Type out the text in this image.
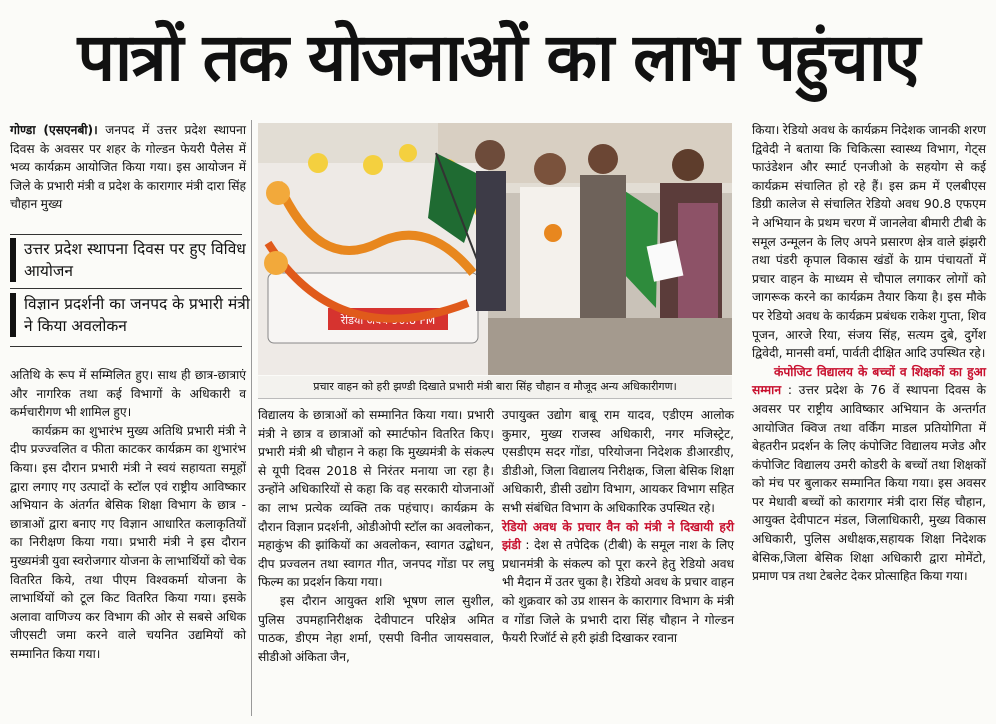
पात्रों तक योजनाओं का लाभ पहुंचाए

गोण्डा (एसएनबी)। जनपद में उत्तर प्रदेश स्थापना दिवस के अवसर पर शहर के गोल्डन फेयरी पैलेस में भव्य कार्यक्रम आयोजित किया गया। इस आयोजन में जिले के प्रभारी मंत्री व प्रदेश के कारागार मंत्री दारा सिंह चौहान मुख्य

उत्तर प्रदेश स्थापना दिवस पर हुए विविध आयोजन
विज्ञान प्रदर्शनी का जनपद के प्रभारी मंत्री ने किया अवलोकन

अतिथि के रूप में सम्मिलित हुए। साथ ही छात्र-छात्राएं और नागरिक तथा कई विभागों के अधिकारी व कर्मचारीगण भी शामिल हुए।

कार्यक्रम का शुभारंभ मुख्य अतिथि प्रभारी मंत्री ने दीप प्रज्ज्वलित व फीता काटकर कार्यक्रम का शुभारंभ किया। इस दौरान प्रभारी मंत्री ने स्वयं सहायता समूहों द्वारा लगाए गए उत्पादों के स्टॉल एवं राष्ट्रीय आविष्कार अभियान के अंतर्गत बेसिक शिक्षा विभाग के छात्र - छात्राओं द्वारा बनाए गए विज्ञान आधारित कलाकृतियों का निरीक्षण किया गया। प्रभारी मंत्री ने इस दौरान मुख्यमंत्री युवा स्वरोजगार योजना के लाभार्थियों को चेक वितरित किये, तथा पीएम विश्वकर्मा योजना के लाभार्थियों को टूल किट वितरित किया गया। इसके अलावा वाणिज्य कर विभाग की ओर से सबसे अधिक जीएसटी जमा करने वाले चयनित उद्यमियों को सम्मानित किया गया।

रेडियो अवध 90.8 FM
प्रचार वाहन को हरी झण्डी दिखाते प्रभारी मंत्री बारा सिंह चौहान व मौजूद अन्य अधिकारीगण।

विद्यालय के छात्राओं को सम्मानित किया गया। प्रभारी मंत्री ने छात्र व छात्राओं को स्मार्टफोन वितरित किए। प्रभारी मंत्री श्री चौहान ने कहा कि मुख्यमंत्री के संकल्प से यूपी दिवस 2018 से निरंतर मनाया जा रहा है। उन्होंने अधिकारियों से कहा कि वह सरकारी योजनाओं का लाभ प्रत्येक व्यक्ति तक पहंचाए। कार्यक्रम के दौरान विज्ञान प्रदर्शनी, ओडीओपी स्टॉल का अवलोकन, महाकुंभ की झांकियों का अवलोकन, स्वागत उद्बोधन, दीप प्रज्वलन तथा स्वागत गीत, जनपद गोंडा पर लघु फिल्म का प्रदर्शन किया गया।

इस दौरान आयुक्त शशि भूषण लाल सुशील, पुलिस उपमहानिरीक्षक देवीपाटन परिक्षेत्र अमित पाठक, डीएम नेहा शर्मा, एसपी विनीत जायसवाल, सीडीओ अंकिता जैन,

उपायुक्त उद्योग बाबू राम यादव, एडीएम आलोक कुमार, मुख्य राजस्व अधिकारी, नगर मजिस्ट्रेट, एसडीएम सदर गोंडा, परियोजना निदेशक डीआरडीए, डीडीओ, जिला विद्यालय निरीक्षक, जिला बेसिक शिक्षा अधिकारी, डीसी उद्योग विभाग, आयकर विभाग सहित सभी संबंधित विभाग के अधिकारिक उपस्थित रहे।

रेडियो अवध के प्रचार वैन को मंत्री ने दिखायी हरी झंडी : देश से तपेदिक (टीबी) के समूल नाश के लिए प्रधानमंत्री के संकल्प को पूरा करने हेतु रेडियो अवध भी मैदान में उतर चुका है। रेडियो अवध के प्रचार वाहन को शुक्रवार को उप्र शासन के कारागार विभाग के मंत्री व गोंडा जिले के प्रभारी दारा सिंह चौहान ने गोल्डन फैयरी रिजॉर्ट से हरी झंडी दिखाकर रवाना

किया। रेडियो अवध के कार्यक्रम निदेशक जानकी शरण द्विवेदी ने बताया कि चिकित्सा स्वास्थ्य विभाग, गेट्स फाउंडेशन और स्मार्ट एनजीओ के सहयोग से कई कार्यक्रम संचालित हो रहे हैं। इस क्रम में एलबीएस डिग्री कालेज से संचालित रेडियो अवध 90.8 एफएम ने अभियान के प्रथम चरण में जानलेवा बीमारी टीबी के समूल उन्मूलन के लिए अपने प्रसारण क्षेत्र वाले झंझरी तथा पंडरी कृपाल विकास खंडों के ग्राम पंचायतों में प्रचार वाहन के माध्यम से चौपाल लगाकर लोगों को जागरूक करने का कार्यक्रम तैयार किया है। इस मौके पर रेडियो अवध के कार्यक्रम प्रबंधक राकेश गुप्ता, शिव पूजन, आरजे रिया, संजय सिंह, सत्यम दुबे, दुर्गेश द्विवेदी, मानसी वर्मा, पार्वती दीक्षित आदि उपस्थित रहे।

कंपोजिट विद्यालय के बच्चों व शिक्षकों का हुआ सम्मान : उत्तर प्रदेश के 76 वें स्थापना दिवस के अवसर पर राष्ट्रीय आविष्कार अभियान के अन्तर्गत आयोजित क्विज तथा वर्किंग माडल प्रतियोगिता में बेहतरीन प्रदर्शन के लिए कंपोजिट विद्यालय मजेड और कंपोजिट विद्यालय उमरी कोडरी के बच्चों तथा शिक्षकों को मंच पर बुलाकर सम्मानित किया गया। इस अवसर पर मेधावी बच्चों को कारागार मंत्री दारा सिंह चौहान, आयुक्त देवीपाटन मंडल, जिलाधिकारी, मुख्य विकास अधिकारी, पुलिस अधीक्षक,सहायक शिक्षा निदेशक बेसिक,जिला बेसिक शिक्षा अधिकारी द्वारा मोमेंटो, प्रमाण पत्र तथा टेबलेट देकर प्रोत्साहित किया गया।
